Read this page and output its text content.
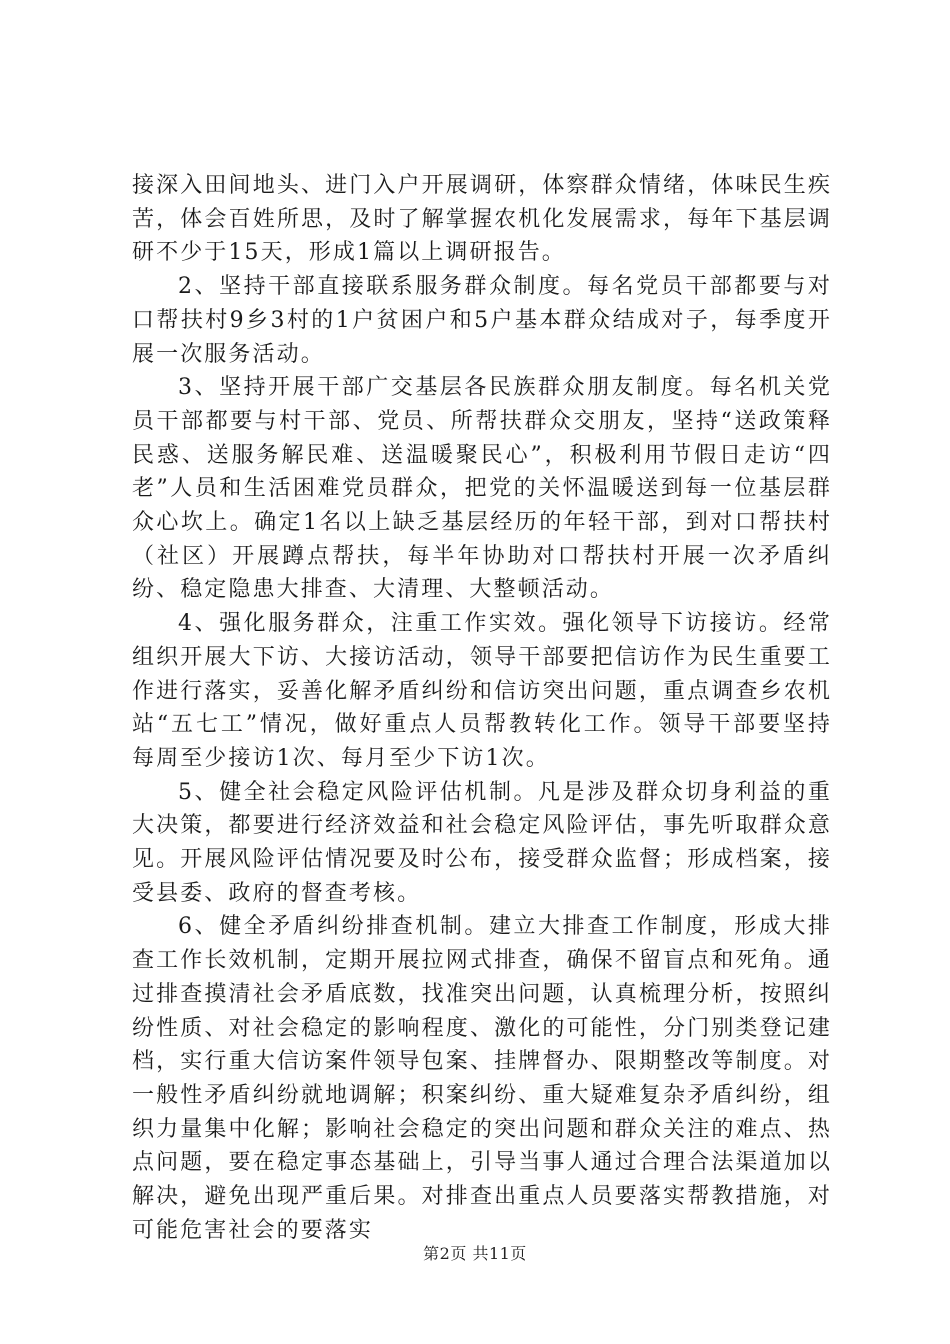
接深入田间地头、进门入户开展调研，体察群众情绪，体味民生疾苦，体会百姓所思，及时了解掌握农机化发展需求，每年下基层调研不少于15天，形成1篇以上调研报告。

2、坚持干部直接联系服务群众制度。每名党员干部都要与对口帮扶村9乡3村的1户贫困户和5户基本群众结成对子，每季度开展一次服务活动。

3、坚持开展干部广交基层各民族群众朋友制度。每名机关党员干部都要与村干部、党员、所帮扶群众交朋友，坚持“送政策释民惑、送服务解民难、送温暖聚民心”，积极利用节假日走访“四老”人员和生活困难党员群众，把党的关怀温暖送到每一位基层群众心坎上。确定1名以上缺乏基层经历的年轻干部，到对口帮扶村（社区）开展蹲点帮扶，每半年协助对口帮扶村开展一次矛盾纠纷、稳定隐患大排查、大清理、大整顿活动。

4、强化服务群众，注重工作实效。强化领导下访接访。经常组织开展大下访、大接访活动，领导干部要把信访作为民生重要工作进行落实，妥善化解矛盾纠纷和信访突出问题，重点调查乡农机站“五七工”情况，做好重点人员帮教转化工作。领导干部要坚持每周至少接访1次、每月至少下访1次。

5、健全社会稳定风险评估机制。凡是涉及群众切身利益的重大决策，都要进行经济效益和社会稳定风险评估，事先听取群众意见。开展风险评估情况要及时公布，接受群众监督；形成档案，接受县委、政府的督查考核。

6、健全矛盾纠纷排查机制。建立大排查工作制度，形成大排查工作长效机制，定期开展拉网式排查，确保不留盲点和死角。通过排查摸清社会矛盾底数，找准突出问题，认真梳理分析，按照纠纷性质、对社会稳定的影响程度、激化的可能性，分门别类登记建档，实行重大信访案件领导包案、挂牌督办、限期整改等制度。对一般性矛盾纠纷就地调解；积案纠纷、重大疑难复杂矛盾纠纷，组织力量集中化解；影响社会稳定的突出问题和群众关注的难点、热点问题，要在稳定事态基础上，引导当事人通过合理合法渠道加以解决，避免出现严重后果。对排查出重点人员要落实帮教措施，对可能危害社会的要落实

第2页 共11页
